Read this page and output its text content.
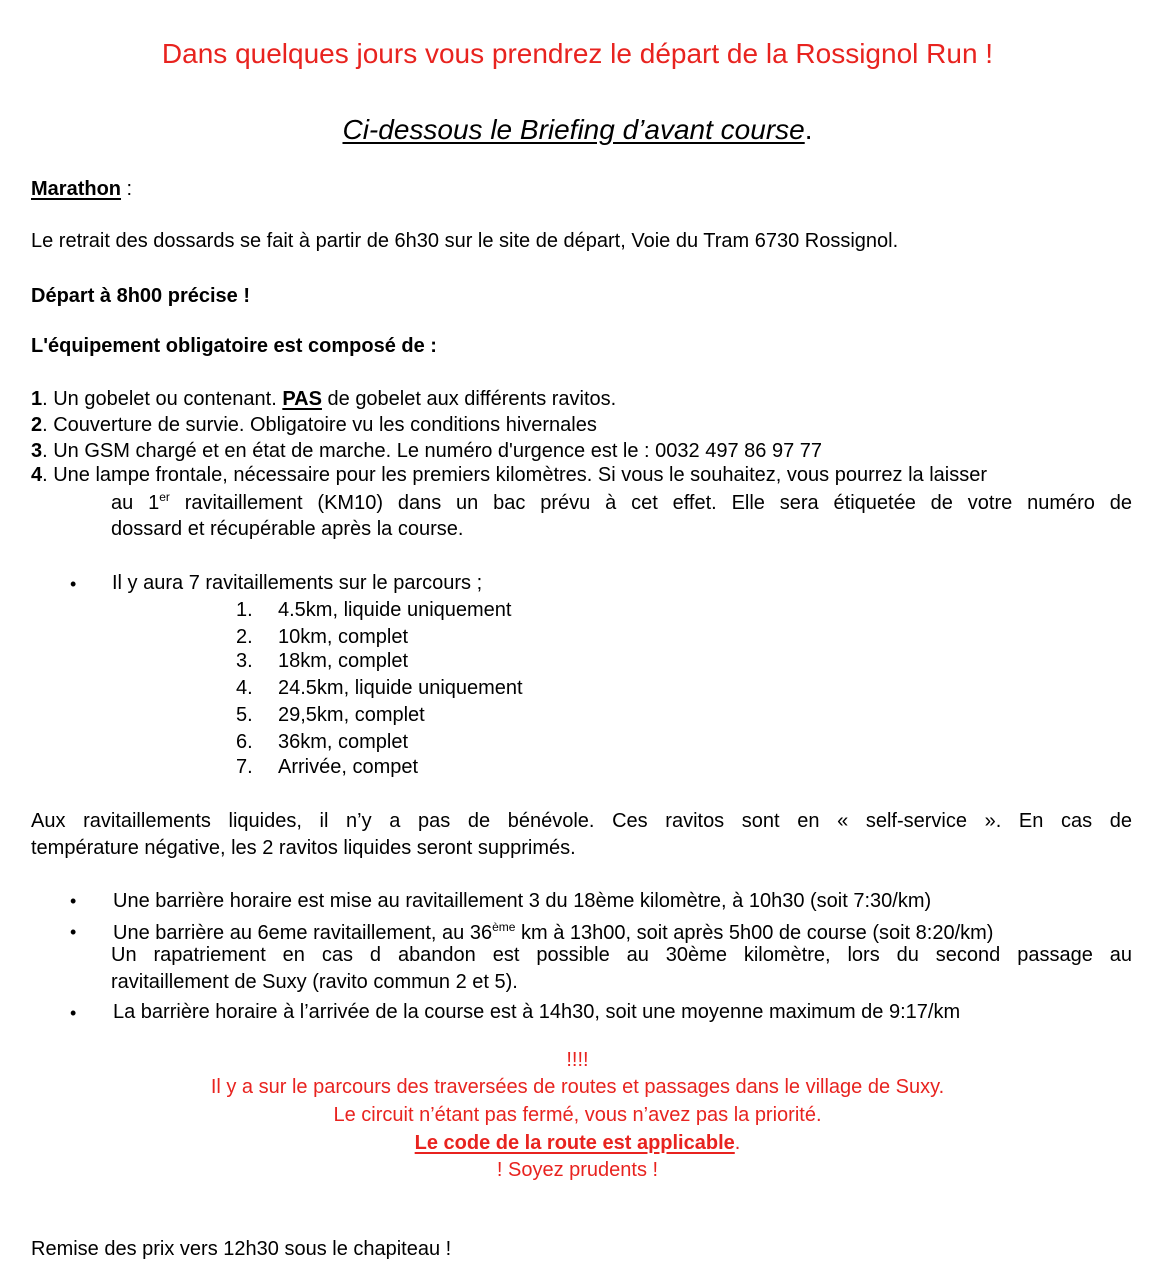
Dans quelques jours vous prendrez le départ de la Rossignol Run !
Ci-dessous le Briefing d’avant course.
Marathon :
Le retrait des dossards se fait à partir de 6h30 sur le site de départ, Voie du Tram 6730 Rossignol.
Départ à 8h00 précise !
L'équipement obligatoire est composé de :
1. Un gobelet ou contenant. PAS de gobelet aux différents ravitos.
2. Couverture de survie. Obligatoire vu les conditions hivernales
3. Un GSM chargé et en état de marche. Le numéro d'urgence est le : 0032 497 86 97 77
4. Une lampe frontale, nécessaire pour les premiers kilomètres. Si vous le souhaitez, vous pourrez la laisser
au 1er ravitaillement (KM10) dans un bac prévu à cet effet. Elle sera étiquetée de votre numéro de
dossard et récupérable après la course.
• Il y aura 7 ravitaillements sur le parcours ;
1. 4.5km, liquide uniquement
2. 10km, complet
3. 18km, complet
4. 24.5km, liquide uniquement
5. 29,5km, complet
6. 36km, complet
7. Arrivée, compet
Aux ravitaillements liquides, il n’y a pas de bénévole. Ces ravitos sont en « self-service ». En cas de
température négative, les 2 ravitos liquides seront supprimés.
• Une barrière horaire est mise au ravitaillement 3 du 18ème kilomètre, à 10h30 (soit 7:30/km)
• Une barrière au 6eme ravitaillement, au 36ème km à 13h00, soit après 5h00 de course (soit 8:20/km)
Un rapatriement en cas d abandon est possible au 30ème kilomètre, lors du second passage au
ravitaillement de Suxy (ravito commun 2 et 5).
• La barrière horaire à l’arrivée de la course est à 14h30, soit une moyenne maximum de 9:17/km
!!!!
Il y a sur le parcours des traversées de routes et passages dans le village de Suxy.
Le circuit n’étant pas fermé, vous n’avez pas la priorité.
Le code de la route est applicable.
! Soyez prudents !
Remise des prix vers 12h30 sous le chapiteau !
